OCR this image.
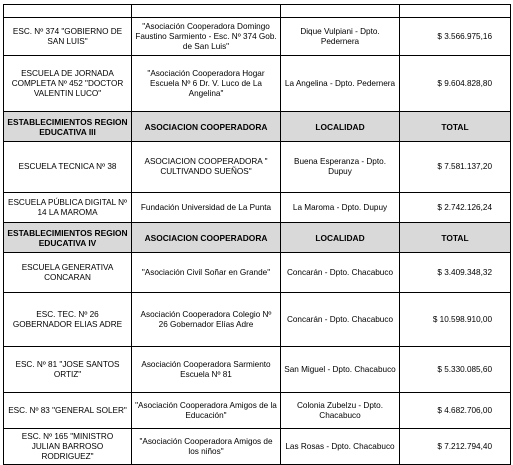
ESC. Nº 374 "GOBIERNO DE SAN LUIS"	"Asociación Cooperadora Domingo Faustino Sarmiento - Esc. Nº 374 Gob. de San Luis"	Dique Vulpiani - Dpto. Pedernera	$ 3.566.975,16
ESCUELA DE JORNADA COMPLETA Nº 452 "DOCTOR VALENTIN LUCO"	"Asociación Cooperadora Hogar Escuela Nº 6 Dr. V. Luco de La Angelina"	La Angelina - Dpto. Pedernera	$ 9.604.828,80
ESTABLECIMIENTOS REGION EDUCATIVA III	ASOCIACION COOPERADORA	LOCALIDAD	TOTAL
ESCUELA TECNICA Nº 38	ASOCIACION COOPERADORA " CULTIVANDO SUEÑOS"	Buena Esperanza - Dpto. Dupuy	$ 7.581.137,20
ESCUELA PÚBLICA DIGITAL Nº 14 LA MAROMA	Fundación Universidad de La Punta	La Maroma - Dpto. Dupuy	$ 2.742.126,24
ESTABLECIMIENTOS REGION EDUCATIVA IV	ASOCIACION COOPERADORA	LOCALIDAD	TOTAL
ESCUELA GENERATIVA CONCARAN	"Asociación Civil Soñar en Grande"	Concarán - Dpto. Chacabuco	$ 3.409.348,32
ESC. TEC. Nº 26 GOBERNADOR ELIAS ADRE	Asociación Cooperadora Colegio Nº 26 Gobernador Elías Adre	Concarán - Dpto. Chacabuco	$ 10.598.910,00
ESC. Nº 81 "JOSE SANTOS ORTIZ"	Asociación Cooperadora Sarmiento Escuela Nº 81	San Miguel - Dpto. Chacabuco	$ 5.330.085,60
ESC. Nº 83 "GENERAL SOLER"	"Asociación Cooperadora Amigos de la Educación"	Colonia Zubelzu - Dpto. Chacabuco	$ 4.682.706,00
ESC. Nº 165 "MINISTRO JULIAN BARROSO RODRIGUEZ"	"Asociación Cooperadora Amigos de los niños"	Las Rosas - Dpto. Chacabuco	$ 7.212.794,40
